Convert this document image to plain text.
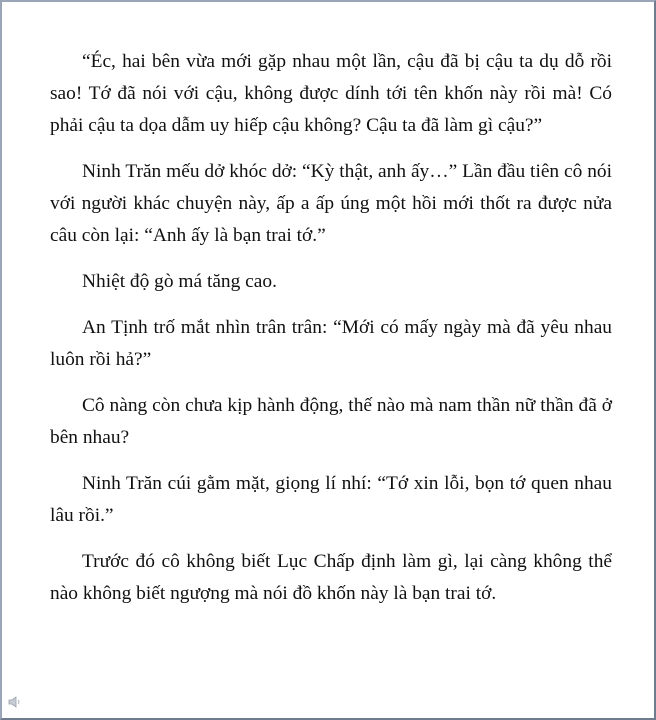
“Éc, hai bên vừa mới gặp nhau một lần, cậu đã bị cậu ta dụ dỗ rồi sao! Tớ đã nói với cậu, không được dính tới tên khốn này rồi mà! Có phải cậu ta dọa dẫm uy hiếp cậu không? Cậu ta đã làm gì cậu?”

Ninh Trăn mếu dở khóc dở: “Kỳ thật, anh ấy…” Lần đầu tiên cô nói với người khác chuyện này, ấp a ấp úng một hồi mới thốt ra được nửa câu còn lại: “Anh ấy là bạn trai tớ.”

Nhiệt độ gò má tăng cao.

An Tịnh trố mắt nhìn trân trân: “Mới có mấy ngày mà đã yêu nhau luôn rồi hả?”

Cô nàng còn chưa kịp hành động, thế nào mà nam thần nữ thần đã ở bên nhau?

Ninh Trăn cúi gằm mặt, giọng lí nhí: “Tớ xin lỗi, bọn tớ quen nhau lâu rồi.”

Trước đó cô không biết Lục Chấp định làm gì, lại càng không thể nào không biết ngượng mà nói đồ khốn này là bạn trai tớ.
